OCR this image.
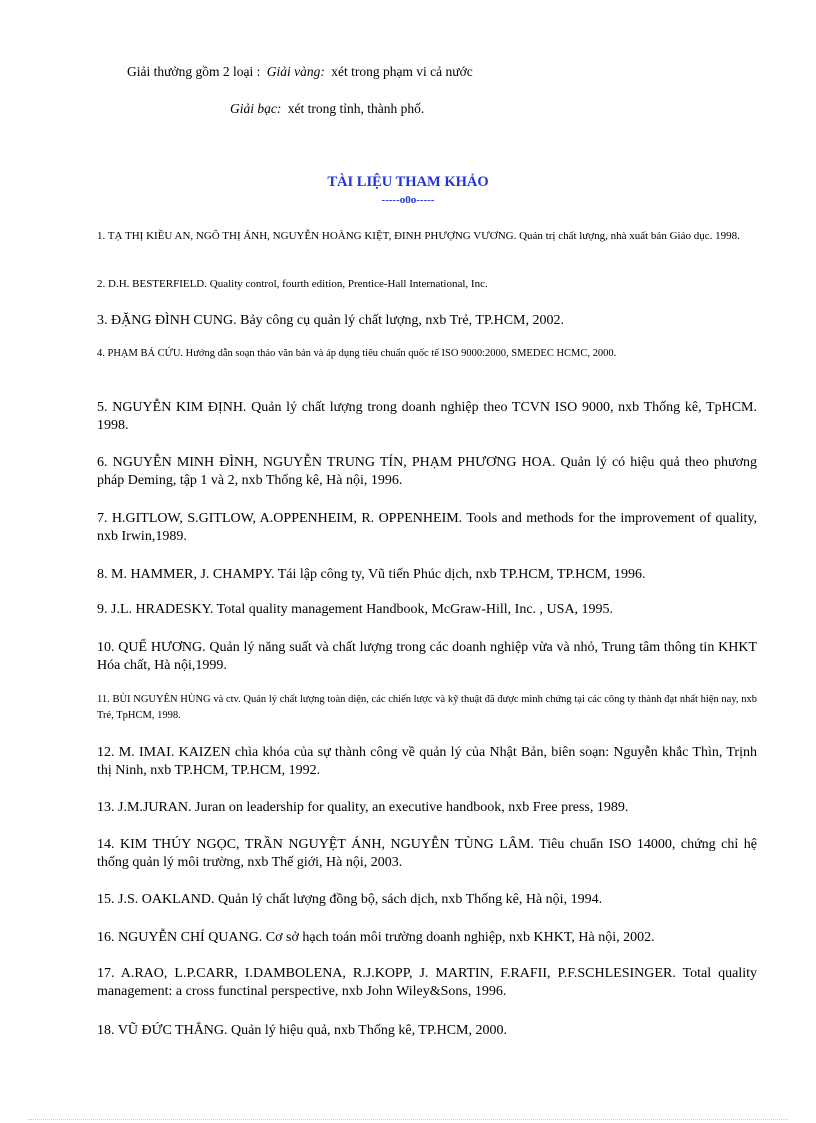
Giải thưởng gồm 2 loại : Giải vàng: xét trong phạm vi cả nước
Giải bạc: xét trong tỉnh, thành phố.
TÀI LIỆU THAM KHẢO
-----o0o-----

1. TẠ THỊ KIỀU AN, NGÔ THỊ ÁNH, NGUYỄN HOÀNG KIỆT, ĐINH PHƯỢNG VƯƠNG. Quản trị chất lượng, nhà xuất bản Giáo dục. 1998.

2. D.H. BESTERFIELD. Quality control, fourth edition, Prentice-Hall International, Inc.

3. ĐẶNG ĐÌNH CUNG. Bảy công cụ quản lý chất lượng, nxb Trẻ, TP.HCM, 2002.

4. PHẠM BÁ CỨU. Hướng dẫn soạn thảo văn bản và áp dụng tiêu chuẩn quốc tế ISO 9000:2000, SMEDEC HCMC, 2000.

5. NGUYỄN KIM ĐỊNH. Quản lý chất lượng trong doanh nghiệp theo TCVN ISO 9000, nxb Thống kê, TpHCM. 1998.

6. NGUYỄN MINH ĐÌNH, NGUYỄN TRUNG TÍN, PHẠM PHƯƠNG HOA. Quản lý có hiệu quả theo phương pháp Deming, tập 1 và 2, nxb Thống kê, Hà nội, 1996.

7. H.GITLOW, S.GITLOW, A.OPPENHEIM, R. OPPENHEIM. Tools and methods for the improvement of quality, nxb Irwin,1989.

8. M. HAMMER, J. CHAMPY. Tái lập công ty, Vũ tiến Phúc dịch, nxb TP.HCM, TP.HCM, 1996.

9. J.L. HRADESKY. Total quality management Handbook, McGraw-Hill, Inc. , USA, 1995.

10. QUẾ HƯƠNG. Quản lý năng suất và chất lượng trong các doanh nghiệp vừa và nhỏ, Trung tâm thông tin KHKT Hóa chất, Hà nội,1999.

11. BÙI NGUYÊN HÙNG và ctv. Quản lý chất lượng toàn diện, các chiến lược và kỹ thuật đã được minh chứng tại các công ty thành đạt nhất hiện nay, nxb Trẻ, TpHCM, 1998.

12. M. IMAI. KAIZEN chìa khóa của sự thành công về quản lý của Nhật Bản, biên soạn: Nguyễn khắc Thìn, Trịnh thị Ninh, nxb TP.HCM, TP.HCM, 1992.

13. J.M.JURAN. Juran on leadership for quality, an executive handbook, nxb Free press, 1989.

14. KIM THÚY NGỌC, TRẦN NGUYỆT ÁNH, NGUYỄN TÙNG LÂM. Tiêu chuẩn ISO 14000, chứng chỉ hệ thống quản lý môi trường, nxb Thế giới, Hà nội, 2003.

15. J.S. OAKLAND. Quản lý chất lượng đồng bộ, sách dịch, nxb Thống kê, Hà nội, 1994.

16. NGUYỄN CHÍ QUANG. Cơ sở hạch toán môi trường doanh nghiệp, nxb KHKT, Hà nội, 2002.

17. A.RAO, L.P.CARR, I.DAMBOLENA, R.J.KOPP, J. MARTIN, F.RAFII, P.F.SCHLESINGER. Total quality management: a cross functinal perspective, nxb John Wiley&Sons, 1996.

18. VŨ ĐỨC THẮNG. Quản lý hiệu quả, nxb Thống kê, TP.HCM, 2000.
